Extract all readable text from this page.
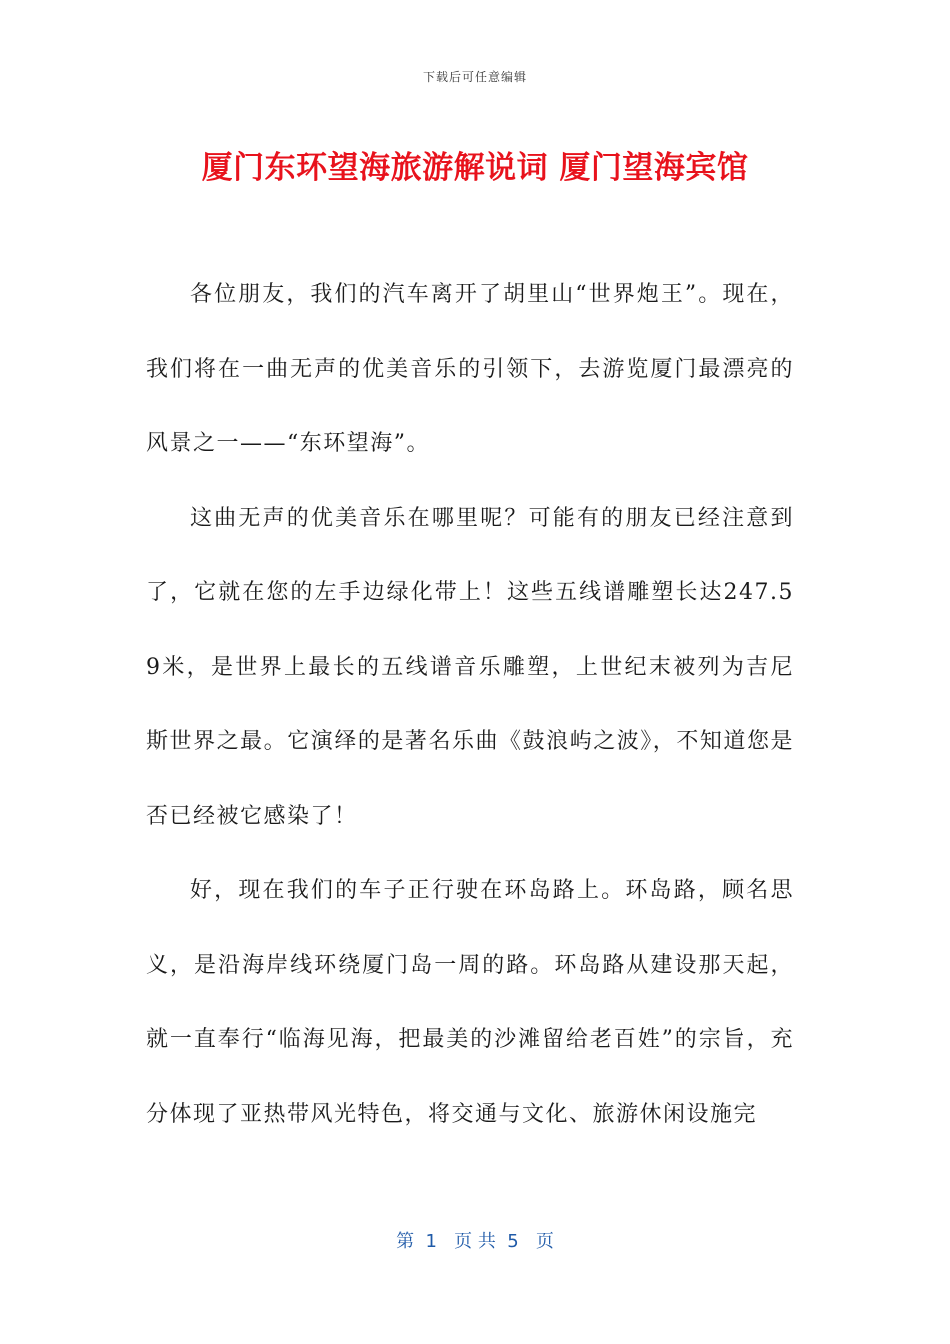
下载后可任意编辑
厦门东环望海旅游解说词 厦门望海宾馆

各位朋友，我们的汽车离开了胡里山“世界炮王”。现在，我们将在一曲无声的优美音乐的引领下，去游览厦门最漂亮的风景之一——“东环望海”。

这曲无声的优美音乐在哪里呢？可能有的朋友已经注意到了，它就在您的左手边绿化带上！这些五线谱雕塑长达247.59米，是世界上最长的五线谱音乐雕塑，上世纪末被列为吉尼斯世界之最。它演绎的是著名乐曲《鼓浪屿之波》，不知道您是否已经被它感染了！

好，现在我们的车子正行驶在环岛路上。环岛路，顾名思义，是沿海岸线环绕厦门岛一周的路。环岛路从建设那天起，就一直奉行“临海见海，把最美的沙滩留给老百姓”的宗旨，充分体现了亚热带风光特色，将交通与文化、旅游休闲设施完

第  1   页 共  5   页
